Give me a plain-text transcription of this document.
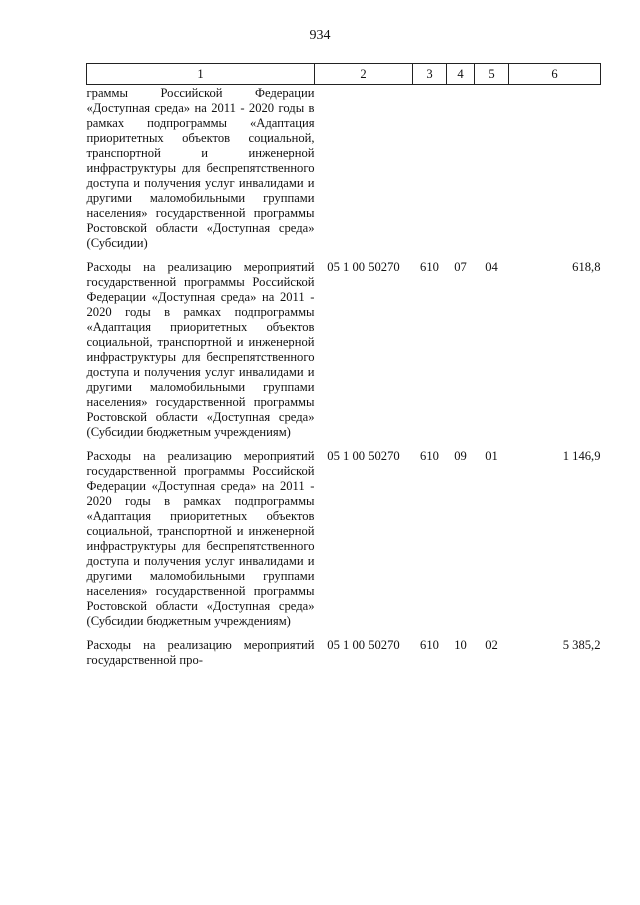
934
1	2	3	4	5	6
граммы Российской Федерации «Доступная среда» на 2011 - 2020 годы в рамках подпрограммы «Адаптация приоритетных объектов социальной, транспортной и инженерной инфраструктуры для беспрепятственного доступа и получения услуг инвалидами и другими маломобильными группами населения» государственной программы Ростовской области «Доступная среда» (Субсидии)					
Расходы на реализацию мероприятий государственной программы Российской Федерации «Доступная среда» на 2011 - 2020 годы в рамках подпрограммы «Адаптация приоритетных объектов социальной, транспортной и инженерной инфраструктуры для беспрепятственного доступа и получения услуг инвалидами и другими маломобильными группами населения» государственной программы Ростовской области «Доступная среда» (Субсидии бюджетным учреждениям)	05 1 00 50270	610	07	04	618,8
Расходы на реализацию мероприятий государственной программы Российской Федерации «Доступная среда» на 2011 - 2020 годы в рамках подпрограммы «Адаптация приоритетных объектов социальной, транспортной и инженерной инфраструктуры для беспрепятственного доступа и получения услуг инвалидами и другими маломобильными группами населения» государственной программы Ростовской области «Доступная среда» (Субсидии бюджетным учреждениям)	05 1 00 50270	610	09	01	1 146,9
Расходы на реализацию мероприятий государственной про-	05 1 00 50270	610	10	02	5 385,2
